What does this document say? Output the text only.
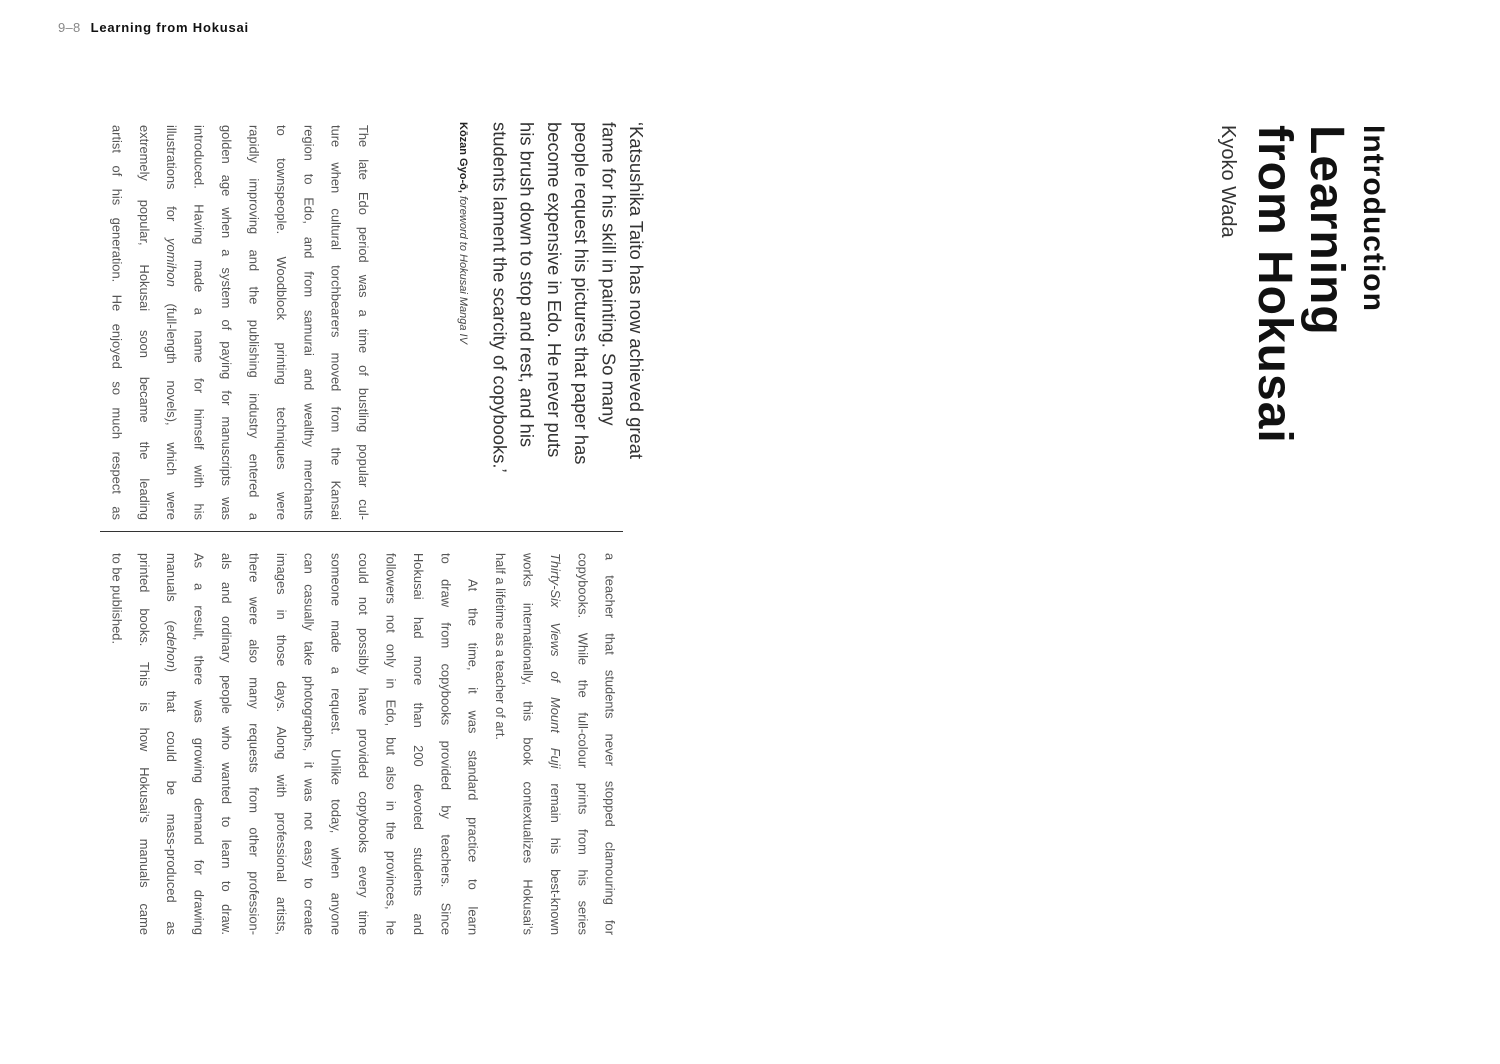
9–8 Learning from Hokusai
Introduction
Learning
from Hokusai
Kyoko Wada
‘Katsushika Taito has now achieved great
fame for his skill in painting. So many
people request his pictures that paper has
become expensive in Edo. He never puts
his brush down to stop and rest, and his
students lament the scarcity of copybooks.’
Kōzan Gyo-ō, foreword to Hokusai Manga IV
The late Edo period was a time of bustling popular cul-
ture when cultural torchbearers moved from the Kansai
region to Edo, and from samurai and wealthy merchants
to townspeople. Woodblock printing techniques were
rapidly improving and the publishing industry entered a
golden age when a system of paying for manuscripts was
introduced. Having made a name for himself with his
illustrations for yomihon (full-length novels), which were
extremely popular, Hokusai soon became the leading
artist of his generation. He enjoyed so much respect as
a teacher that students never stopped clamouring for
copybooks. While the full-colour prints from his series
Thirty-Six Views of Mount Fuji remain his best-known
works internationally, this book contextualizes Hokusai’s
half a lifetime as a teacher of art.
At the time, it was standard practice to learn
to draw from copybooks provided by teachers. Since
Hokusai had more than 200 devoted students and
followers not only in Edo, but also in the provinces, he
could not possibly have provided copybooks every time
someone made a request. Unlike today, when anyone
can casually take photographs, it was not easy to create
images in those days. Along with professional artists,
there were also many requests from other profession-
als and ordinary people who wanted to learn to draw.
As a result, there was growing demand for drawing
manuals (edehon) that could be mass-produced as
printed books. This is how Hokusai’s manuals came
to be published.
